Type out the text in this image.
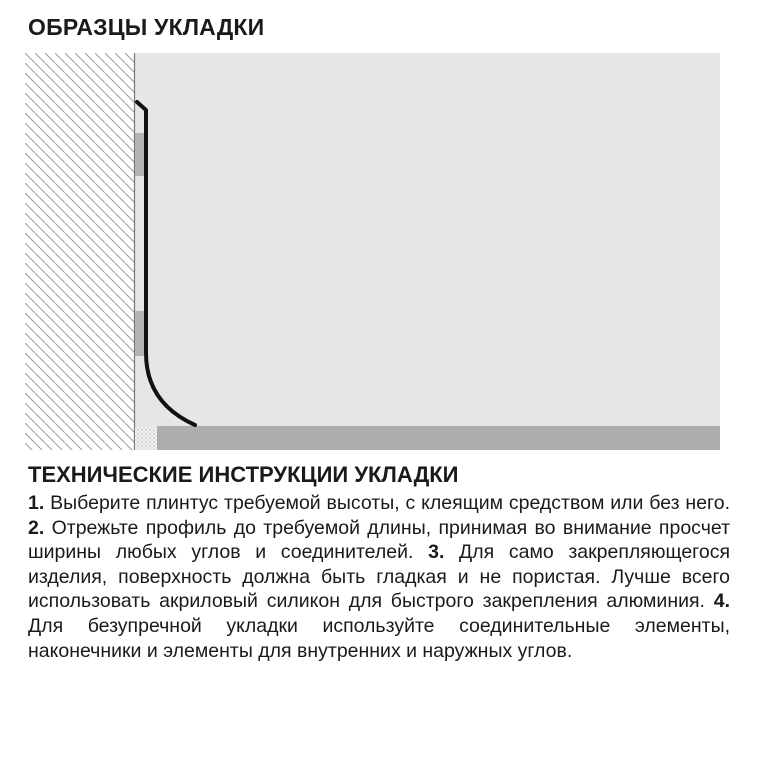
ОБРАЗЦЫ УКЛАДКИ
ТЕХНИЧЕСКИЕ ИНСТРУКЦИИ УКЛАДКИ

1. Выберите плинтус требуемой высоты, с клеящим средством или без него. 2. Отрежьте профиль до требуемой длины, принимая во внимание просчет ширины любых углов и соединителей. 3. Для само закрепляющегося изделия, поверхность должна быть гладкая и не пористая. Лучше всего использовать акриловый силикон для быстрого закрепления алюминия. 4. Для безупречной укладки используйте соединительные элементы, наконечники и элементы для внутренних и наружных углов.
